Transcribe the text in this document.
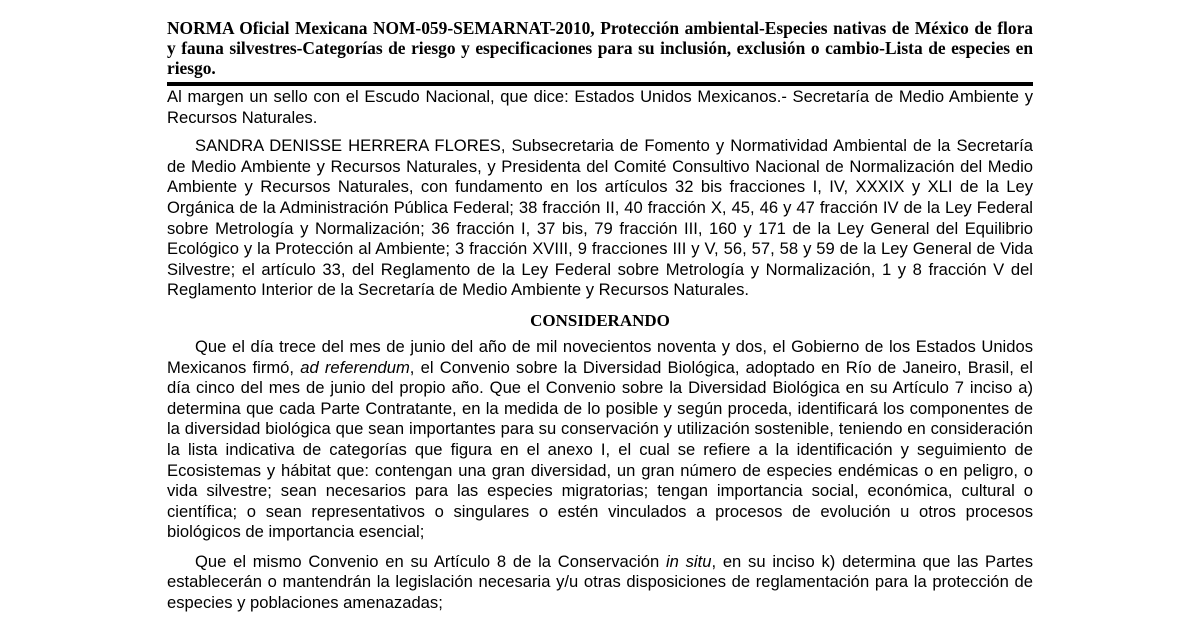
NORMA Oficial Mexicana NOM-059-SEMARNAT-2010, Protección ambiental-Especies nativas de México de flora y fauna silvestres-Categorías de riesgo y especificaciones para su inclusión, exclusión o cambio-Lista de especies en riesgo.

Al margen un sello con el Escudo Nacional, que dice: Estados Unidos Mexicanos.- Secretaría de Medio Ambiente y Recursos Naturales.

SANDRA DENISSE HERRERA FLORES, Subsecretaria de Fomento y Normatividad Ambiental de la Secretaría de Medio Ambiente y Recursos Naturales, y Presidenta del Comité Consultivo Nacional de Normalización del Medio Ambiente y Recursos Naturales, con fundamento en los artículos 32 bis fracciones I, IV, XXXIX y XLI de la Ley Orgánica de la Administración Pública Federal; 38 fracción II, 40 fracción X, 45, 46 y 47 fracción IV de la Ley Federal sobre Metrología y Normalización; 36 fracción I, 37 bis, 79 fracción III, 160 y 171 de la Ley General del Equilibrio Ecológico y la Protección al Ambiente; 3 fracción XVIII, 9 fracciones III y V, 56, 57, 58 y 59 de la Ley General de Vida Silvestre; el artículo 33, del Reglamento de la Ley Federal sobre Metrología y Normalización, 1 y 8 fracción V del Reglamento Interior de la Secretaría de Medio Ambiente y Recursos Naturales.

CONSIDERANDO

Que el día trece del mes de junio del año de mil novecientos noventa y dos, el Gobierno de los Estados Unidos Mexicanos firmó, ad referendum, el Convenio sobre la Diversidad Biológica, adoptado en Río de Janeiro, Brasil, el día cinco del mes de junio del propio año. Que el Convenio sobre la Diversidad Biológica en su Artículo 7 inciso a) determina que cada Parte Contratante, en la medida de lo posible y según proceda, identificará los componentes de la diversidad biológica que sean importantes para su conservación y utilización sostenible, teniendo en consideración la lista indicativa de categorías que figura en el anexo I, el cual se refiere a la identificación y seguimiento de Ecosistemas y hábitat que: contengan una gran diversidad, un gran número de especies endémicas o en peligro, o vida silvestre; sean necesarios para las especies migratorias; tengan importancia social, económica, cultural o científica; o sean representativos o singulares o estén vinculados a procesos de evolución u otros procesos biológicos de importancia esencial;

Que el mismo Convenio en su Artículo 8 de la Conservación in situ, en su inciso k) determina que las Partes establecerán o mantendrán la legislación necesaria y/u otras disposiciones de reglamentación para la protección de especies y poblaciones amenazadas;
